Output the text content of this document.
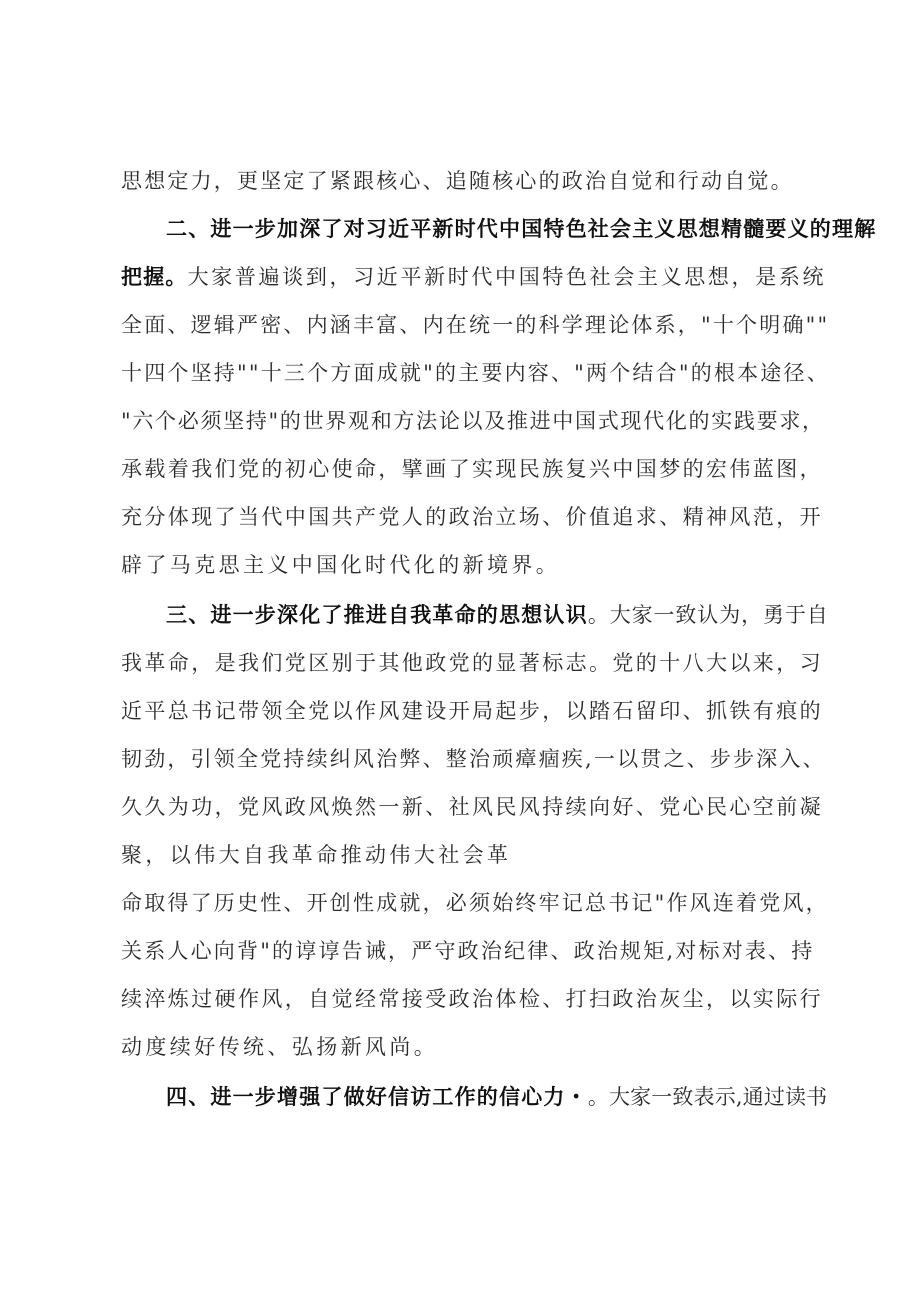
思想定力，更坚定了紧跟核心、追随核心的政治自觉和行动自觉。
二、进一步加深了对习近平新时代中国特色社会主义思想精髓要义的理解
把握。大家普遍谈到，习近平新时代中国特色社会主义思想，是系统
全面、逻辑严密、内涵丰富、内在统一的科学理论体系，"十个明确""
十四个坚持""十三个方面成就"的主要内容、"两个结合"的根本途径、
"六个必须坚持"的世界观和方法论以及推进中国式现代化的实践要求，
承载着我们党的初心使命，擘画了实现民族复兴中国梦的宏伟蓝图，
充分体现了当代中国共产党人的政治立场、价值追求、精神风范，开
辟了马克思主义中国化时代化的新境界。
三、进一步深化了推进自我革命的思想认识。大家一致认为，勇于自
我革命，是我们党区别于其他政党的显著标志。党的十八大以来，习
近平总书记带领全党以作风建设开局起步，以踏石留印、抓铁有痕的
韧劲，引领全党持续纠风治弊、整治顽瘴痼疾,一以贯之、步步深入、
久久为功，党风政风焕然一新、社风民风持续向好、党心民心空前凝
聚，以伟大自我革命推动伟大社会革
命取得了历史性、开创性成就，必须始终牢记总书记"作风连着党风，
关系人心向背"的谆谆告诫，严守政治纪律、政治规矩,对标对表、持
续淬炼过硬作风，自觉经常接受政治体检、打扫政治灰尘，以实际行
动度续好传统、弘扬新风尚。
四、进一步增强了做好信访工作的信心力・。大家一致表示,通过读书
